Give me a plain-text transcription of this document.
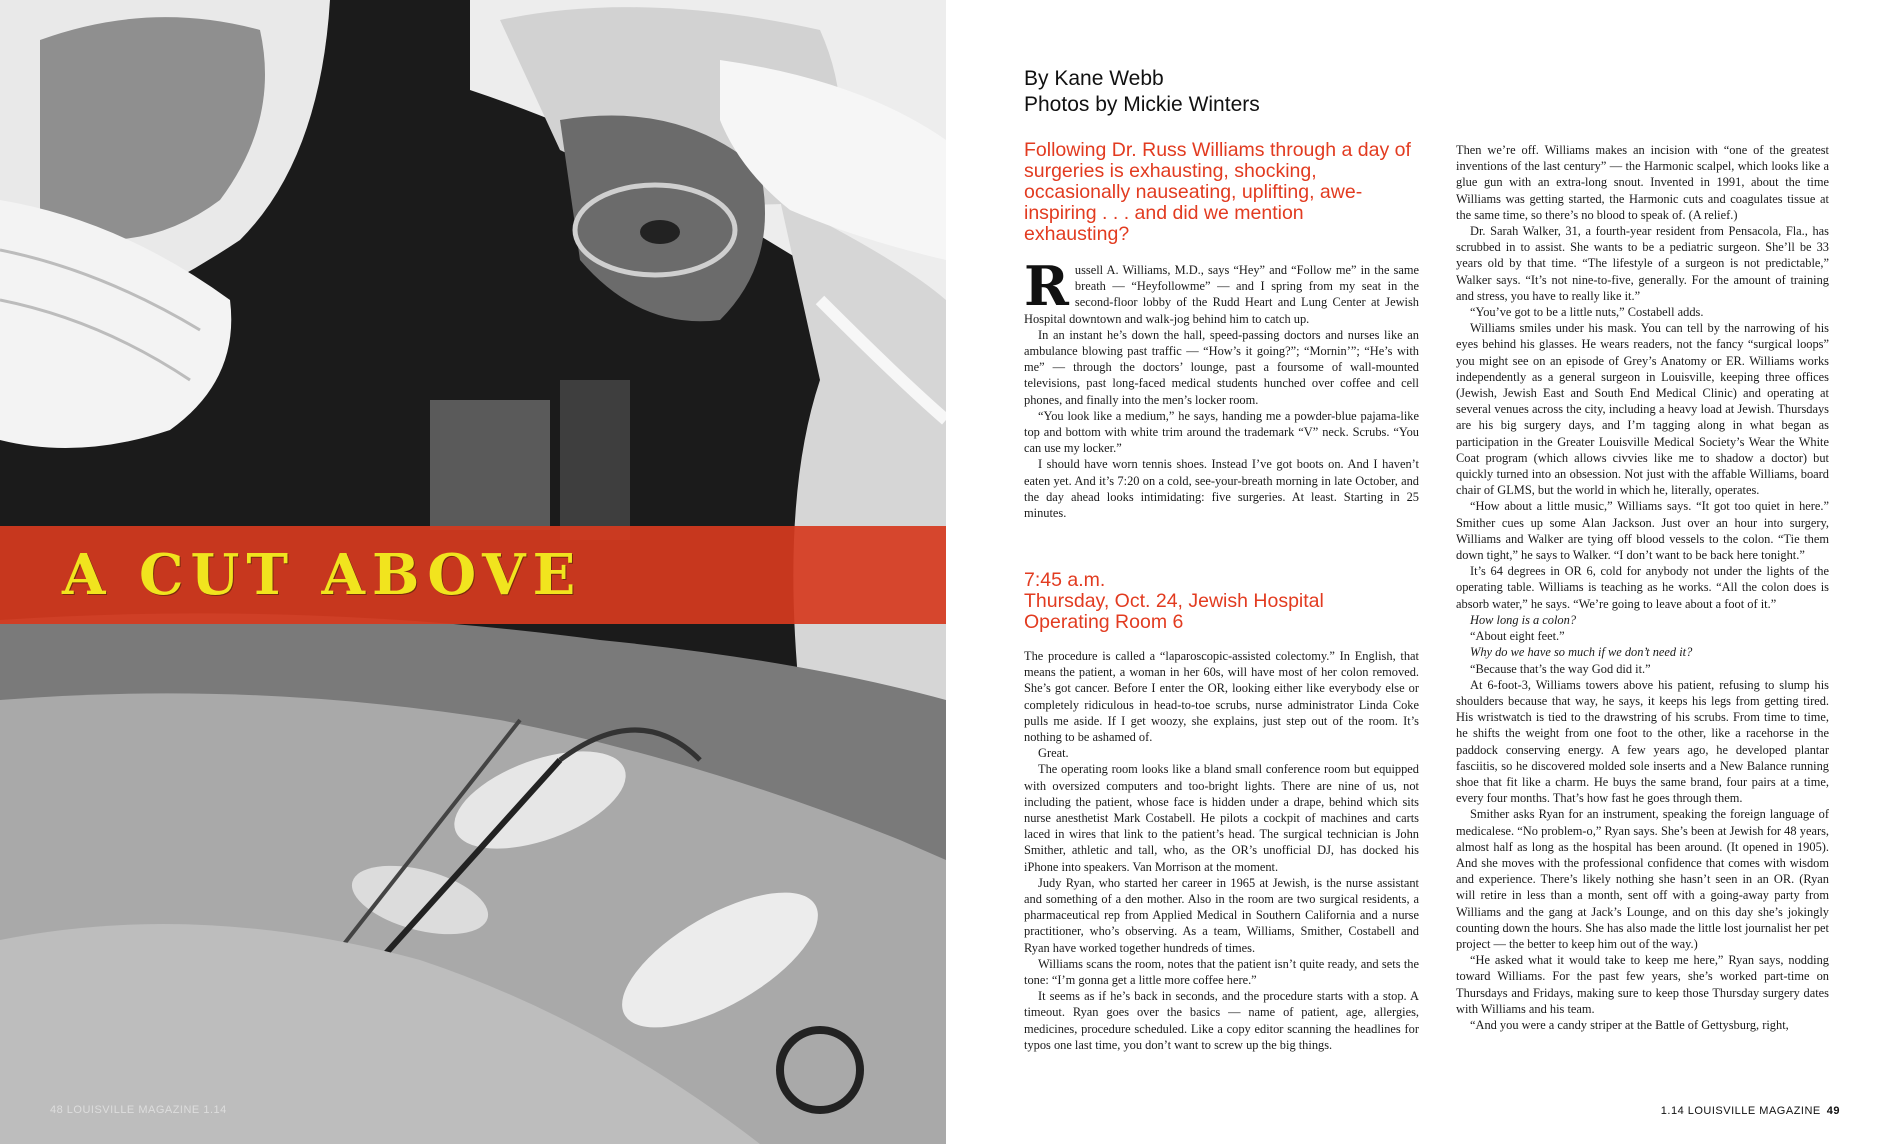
A CUT ABOVE
48 LOUISVILLE MAGAZINE 1.14
By Kane Webb
Photos by Mickie Winters
Following Dr. Russ Williams through a day of surgeries is exhausting, shocking, occasionally nauseating, uplifting, awe-inspiring . . . and did we mention exhausting?
R ussell A. Williams, M.D., says “Hey” and “Follow me” in the same breath — “Heyfollowme” — and I spring from my seat in the second-floor lobby of the Rudd Heart and Lung Center at Jewish Hospital downtown and walk-jog behind him to catch up.

In an instant he’s down the hall, speed-passing doctors and nurses like an ambulance blowing past traffic — “How’s it going?”; “Mornin’”; “He’s with me” — through the doctors’ lounge, past a foursome of wall-mounted televisions, past long-faced medical students hunched over coffee and cell phones, and finally into the men’s locker room.

“You look like a medium,” he says, handing me a powder-blue pajama-like top and bottom with white trim around the trademark “V” neck. Scrubs. “You can use my locker.”

I should have worn tennis shoes. Instead I’ve got boots on. And I haven’t eaten yet. And it’s 7:20 on a cold, see-your-breath morning in late October, and the day ahead looks intimidating: five surgeries. At least. Starting in 25 minutes.

7:45 a.m.
Thursday, Oct. 24, Jewish Hospital
Operating Room 6

The procedure is called a “laparoscopic-assisted colectomy.” In English, that means the patient, a woman in her 60s, will have most of her colon removed. She’s got cancer. Before I enter the OR, looking either like everybody else or completely ridiculous in head-to-toe scrubs, nurse administrator Linda Coke pulls me aside. If I get woozy, she explains, just step out of the room. It’s nothing to be ashamed of.

Great.

The operating room looks like a bland small conference room but equipped with oversized computers and too-bright lights. There are nine of us, not including the patient, whose face is hidden under a drape, behind which sits nurse anesthetist Mark Costabell. He pilots a cockpit of machines and carts laced in wires that link to the patient’s head. The surgical technician is John Smither, athletic and tall, who, as the OR’s unofficial DJ, has docked his iPhone into speakers. Van Morrison at the moment.

Judy Ryan, who started her career in 1965 at Jewish, is the nurse assistant and something of a den mother. Also in the room are two surgical residents, a pharmaceutical rep from Applied Medical in Southern California and a nurse practitioner, who’s observing. As a team, Williams, Smither, Costabell and Ryan have worked together hundreds of times.

Williams scans the room, notes that the patient isn’t quite ready, and sets the tone: “I’m gonna get a little more coffee here.”

It seems as if he’s back in seconds, and the procedure starts with a stop. A timeout. Ryan goes over the basics — name of patient, age, allergies, medicines, procedure scheduled. Like a copy editor scanning the headlines for typos one last time, you don’t want to screw up the big things.

Then we’re off. Williams makes an incision with “one of the greatest inventions of the last century” — the Harmonic scalpel, which looks like a glue gun with an extra-long snout. Invented in 1991, about the time Williams was getting started, the Harmonic cuts and coagulates tissue at the same time, so there’s no blood to speak of. (A relief.)

Dr. Sarah Walker, 31, a fourth-year resident from Pensacola, Fla., has scrubbed in to assist. She wants to be a pediatric surgeon. She’ll be 33 years old by that time. “The lifestyle of a surgeon is not predictable,” Walker says. “It’s not nine-to-five, generally. For the amount of training and stress, you have to really like it.”

“You’ve got to be a little nuts,” Costabell adds.

Williams smiles under his mask. You can tell by the narrowing of his eyes behind his glasses. He wears readers, not the fancy “surgical loops” you might see on an episode of Grey’s Anatomy or ER. Williams works independently as a general surgeon in Louisville, keeping three offices (Jewish, Jewish East and South End Medical Clinic) and operating at several venues across the city, including a heavy load at Jewish. Thursdays are his big surgery days, and I’m tagging along in what began as participation in the Greater Louisville Medical Society’s Wear the White Coat program (which allows civvies like me to shadow a doctor) but quickly turned into an obsession. Not just with the affable Williams, board chair of GLMS, but the world in which he, literally, operates.

“How about a little music,” Williams says. “It got too quiet in here.” Smither cues up some Alan Jackson. Just over an hour into surgery, Williams and Walker are tying off blood vessels to the colon. “Tie them down tight,” he says to Walker. “I don’t want to be back here tonight.”

It’s 64 degrees in OR 6, cold for anybody not under the lights of the operating table. Williams is teaching as he works. “All the colon does is absorb water,” he says. “We’re going to leave about a foot of it.”

How long is a colon?

“About eight feet.”

Why do we have so much if we don’t need it?

“Because that’s the way God did it.”

At 6-foot-3, Williams towers above his patient, refusing to slump his shoulders because that way, he says, it keeps his legs from getting tired. His wristwatch is tied to the drawstring of his scrubs. From time to time, he shifts the weight from one foot to the other, like a racehorse in the paddock conserving energy. A few years ago, he developed plantar fasciitis, so he discovered molded sole inserts and a New Balance running shoe that fit like a charm. He buys the same brand, four pairs at a time, every four months. That’s how fast he goes through them.

Smither asks Ryan for an instrument, speaking the foreign language of medicalese. “No problem-o,” Ryan says. She’s been at Jewish for 48 years, almost half as long as the hospital has been around. (It opened in 1905). And she moves with the professional confidence that comes with wisdom and experience. There’s likely nothing she hasn’t seen in an OR. (Ryan will retire in less than a month, sent off with a going-away party from Williams and the gang at Jack’s Lounge, and on this day she’s jokingly counting down the hours. She has also made the little lost journalist her pet project — the better to keep him out of the way.)

“He asked what it would take to keep me here,” Ryan says, nodding toward Williams. For the past few years, she’s worked part-time on Thursdays and Fridays, making sure to keep those Thursday surgery dates with Williams and his team.

“And you were a candy striper at the Battle of Gettysburg, right,

1.14 LOUISVILLE MAGAZINE 49
